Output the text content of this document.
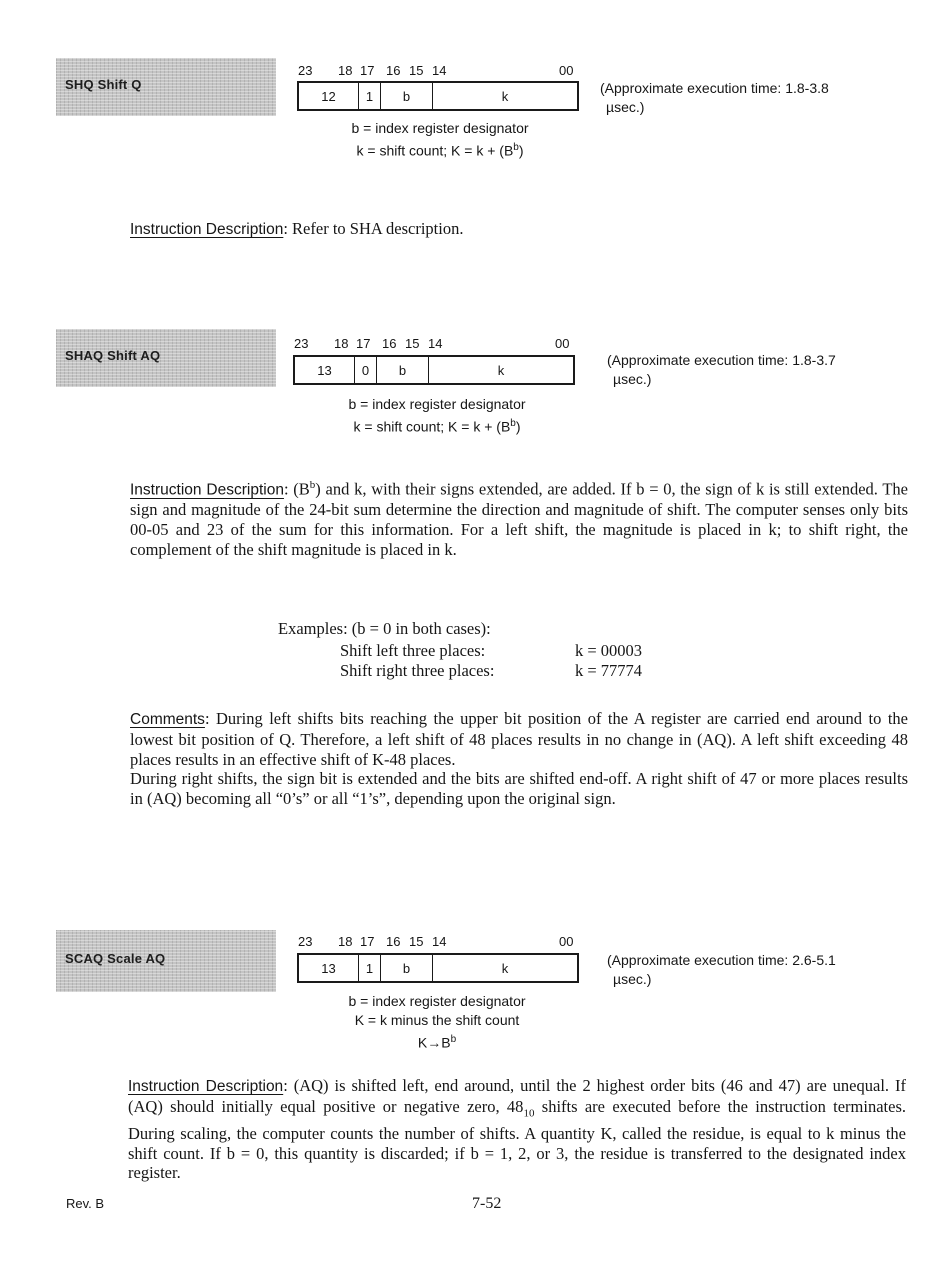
SHQ Shift Q
23 18 17 16 15 14	00
12	1	b	k
b = index register designator
k = shift count; $K = k + (B^b)$
(Approximate execution time: 1.8-3.8
µsec.)

Instruction Description: Refer to SHA description.

SHAQ Shift AQ
23 18 17 16 15 14	00
13	0	b	k
b = index register designator
k = shift count; $K = k + (B^b)$
(Approximate execution time: 1.8-3.7
µsec.)

Instruction Description: $(B^b)$ and k, with their signs extended, are added. If b = 0, the sign of k is still extended. The sign and magnitude of the 24-bit sum determine the direction and magnitude of shift. The computer senses only bits 00-05 and 23 of the sum for this information. For a left shift, the magnitude is placed in k; to shift right, the complement of the shift magnitude is placed in k.

Examples: (b = 0 in both cases):
Shift left three places:	k = 00003
Shift right three places:	k = 77774
Comments: During left shifts bits reaching the upper bit position of the A register are carried end around to the lowest bit position of Q. Therefore, a left shift of 48 places results in no change in (AQ). A left shift exceeding 48 places results in an effective shift of K-48 places.
During right shifts, the sign bit is extended and the bits are shifted end-off. A right shift of 47 or more places results in (AQ) becoming all “0’s” or all “1’s”, depending upon the original sign.
SCAQ Scale AQ
23 18 17 16 15 14	00
13	1	b	k
b = index register designator
K = k minus the shift count
$K\to B^b$
(Approximate execution time: 2.6-5.1
µsec.)

Instruction Description: (AQ) is shifted left, end around, until the 2 highest order bits (46 and 47) are unequal. If (AQ) should initially equal positive or negative zero, $48_{10}$ shifts are executed before the instruction terminates. During scaling, the computer counts the number of shifts. A quantity K, called the residue, is equal to k minus the shift count. If b = 0, this quantity is discarded; if b = 1, 2, or 3, the residue is transferred to the designated index register.

Rev. B	7-52
